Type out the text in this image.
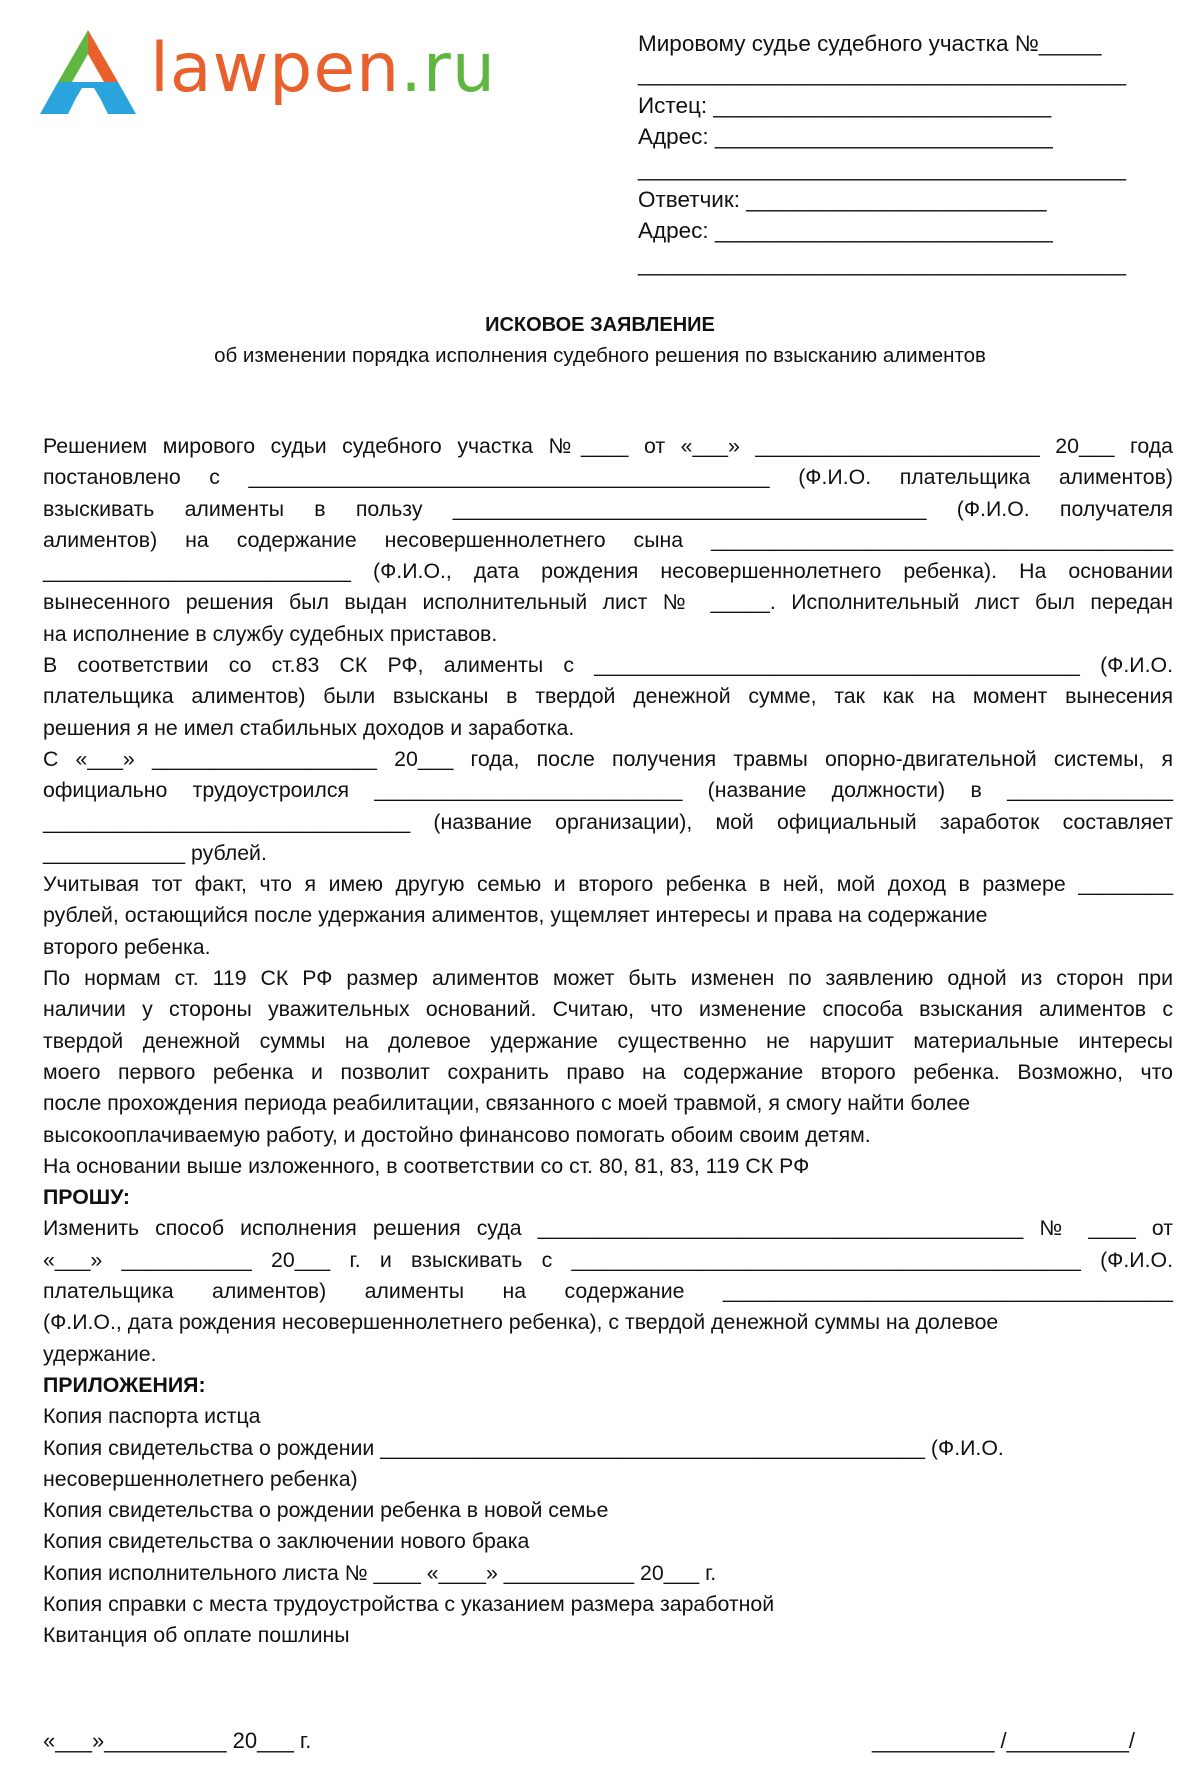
lawpen.ru	Мировому судье судебного участка №_____
_______________________________________
Истец: ___________________________
Адрес: ___________________________
_______________________________________
Ответчик: ________________________
Адрес: ___________________________
_______________________________________
ИСКОВОЕ ЗАЯВЛЕНИЕ
об изменении порядка исполнения судебного решения по взысканию алиментов
Решением мирового судьи судебного участка №____ от «___» ________________________ 20___ года
постановлено с ____________________________________________ (Ф.И.О. плательщика алиментов)
взыскивать алименты в пользу ________________________________________ (Ф.И.О. получателя
алиментов) на содержание несовершеннолетнего сына _______________________________________
__________________________ (Ф.И.О., дата рождения несовершеннолетнего ребенка). На основании
вынесенного решения был выдан исполнительный лист № _____. Исполнительный лист был передан
на исполнение в службу судебных приставов.
В соответствии со ст.83 СК РФ, алименты с _________________________________________ (Ф.И.О.
плательщика алиментов) были взысканы в твердой денежной сумме, так как на момент вынесения
решения я не имел стабильных доходов и заработка.
С «___» ___________________ 20___ года, после получения травмы опорно-двигательной системы, я
официально трудоустроился __________________________ (название должности) в ______________
_______________________________ (название организации), мой официальный заработок составляет
____________ рублей.
Учитывая тот факт, что я имею другую семью и второго ребенка в ней, мой доход в размере ________
рублей, остающийся после удержания алиментов, ущемляет интересы и права на содержание
второго ребенка.
По нормам ст. 119 СК РФ размер алиментов может быть изменен по заявлению одной из сторон при
наличии у стороны уважительных оснований. Считаю, что изменение способа взыскания алиментов с
твердой денежной суммы на долевое удержание существенно не нарушит материальные интересы
моего первого ребенка и позволит сохранить право на содержание второго ребенка. Возможно, что
после прохождения периода реабилитации, связанного с моей травмой, я смогу найти более
высокооплачиваемую работу, и достойно финансово помогать обоим своим детям.
На основании выше изложенного, в соответствии со ст. 80, 81, 83, 119 СК РФ
ПРОШУ:
Изменить способ исполнения решения суда _________________________________________ № ____ от
«___» ___________ 20___ г. и взыскивать с ___________________________________________ (Ф.И.О.
плательщика алиментов) алименты на содержание ______________________________________
(Ф.И.О., дата рождения несовершеннолетнего ребенка), с твердой денежной суммы на долевое
удержание.
ПРИЛОЖЕНИЯ:
Копия паспорта истца
Копия свидетельства о рождении ______________________________________________ (Ф.И.О.
несовершеннолетнего ребенка)
Копия свидетельства о рождении ребенка в новой семье
Копия свидетельства о заключении нового брака
Копия исполнительного листа № ____ «____» ___________ 20___ г.
Копия справки с места трудоустройства с указанием размера заработной
Квитанция об оплате пошлины
«___»__________ 20___ г.	__________ /__________/
